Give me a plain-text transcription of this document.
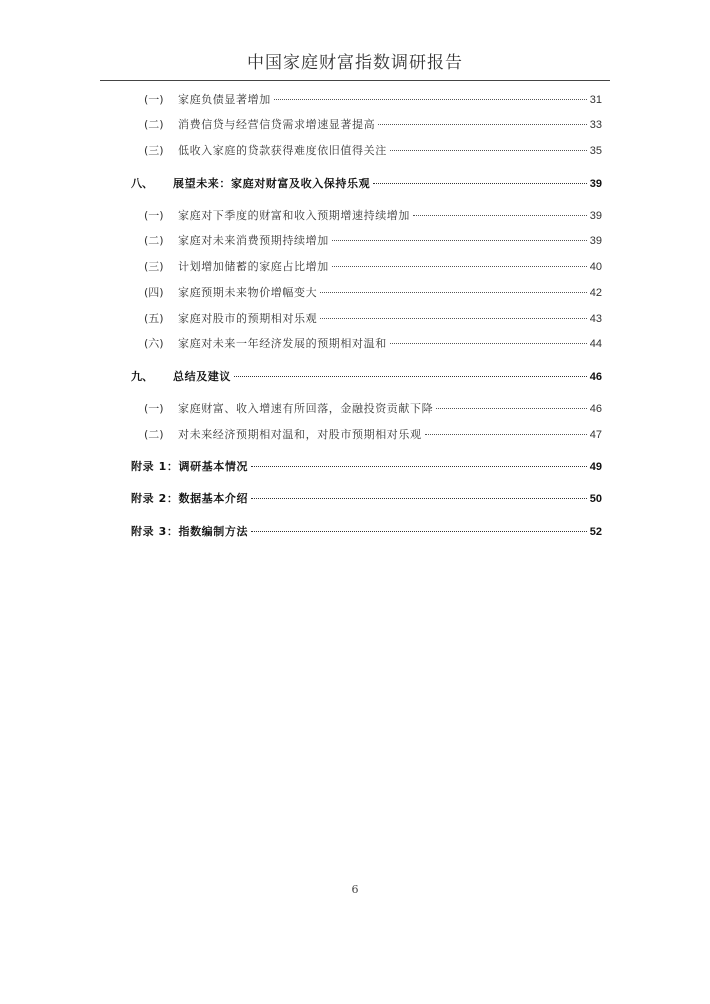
中国家庭财富指数调研报告
(一)	家庭负债显著增加	31
(二)	消费信贷与经营信贷需求增速显著提高	33
(三)	低收入家庭的贷款获得难度依旧值得关注	35
八、	展望未来：家庭对财富及收入保持乐观	39
(一)	家庭对下季度的财富和收入预期增速持续增加	39
(二)	家庭对未来消费预期持续增加	39
(三)	计划增加储蓄的家庭占比增加	40
(四)	家庭预期未来物价增幅变大	42
(五)	家庭对股市的预期相对乐观	43
(六)	家庭对未来一年经济发展的预期相对温和	44
九、	总结及建议	46
(一)	家庭财富、收入增速有所回落，金融投资贡献下降	46
(二)	对未来经济预期相对温和，对股市预期相对乐观	47
附录 1：调研基本情况	49
附录 2：数据基本介绍	50
附录 3：指数编制方法	52
6
